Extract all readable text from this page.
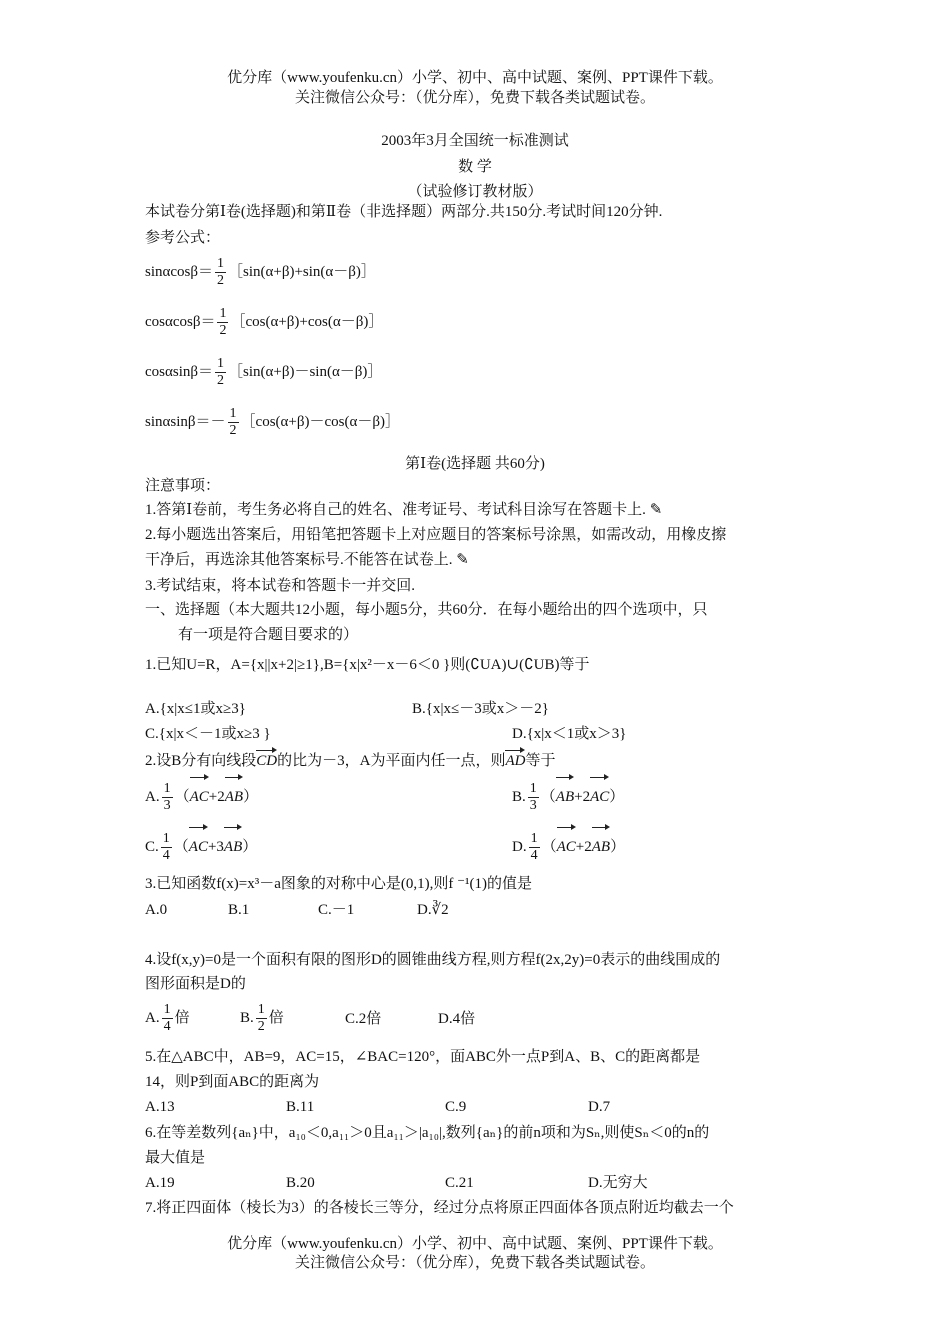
优分库（www.youfenku.cn）小学、初中、高中试题、案例、PPT课件下载。
关注微信公众号：（优分库），免费下载各类试题试卷。
2003年3月全国统一标准测试
数 学
（试验修订教材版）
本试卷分第Ⅰ卷(选择题)和第Ⅱ卷（非选择题）两部分.共150分.考试时间120分钟.
参考公式：
$\sin\alpha\cos\beta= \frac{1}{2}$ ［sin(α+β)+sin(α－β)］
$\cos\alpha\cos\beta= \frac{1}{2}$ ［cos(α+β)+cos(α－β)］
$\cos\alpha\sin\beta= \frac{1}{2}$ ［sin(α+β)－sin(α－β)］
$\sin\alpha\sin\beta=- \frac{1}{2}$ ［cos(α+β)－cos(α－β)］
第Ⅰ卷(选择题 共60分)
注意事项：
1.答第Ⅰ卷前，考生务必将自己的姓名、准考证号、考试科目涂写在答题卡上. ✎
2.每小题选出答案后，用铅笔把答题卡上对应题目的答案标号涂黑，如需改动，用橡皮擦
干净后，再选涂其他答案标号.不能答在试卷上. ✎
3.考试结束，将本试卷和答题卡一并交回.
一、选择题（本大题共12小题，每小题5分，共60分．在每小题给出的四个选项中，只
有一项是符合题目要求的）
1.已知U=R，A={x||x+2|≥1},B={x|x²－x－6＜0 }则(∁UA)∪(∁UB)等于
A.{x|x≤1或x≥3}	B.{x|x≤－3或x＞－2}
C.{x|x＜－1或x≥3 }	D.{x|x＜1或x＞3}
2.设B分有向线段CD的比为－3，A为平面内任一点，则AD等于
A. $\frac{1}{3} (AC+2AB)$	B. $\frac{1}{3} (AB+2AC)$
C. $\frac{1}{4} (AC+3AB)$	D. $\frac{1}{4} (AC+2AB)$
3.已知函数f(x)=x³－a图象的对称中心是(0,1),则f ⁻¹(1)的值是
A.0	B.1	C.－1	D.∛2
4.设f(x,y)=0是一个面积有限的图形D的圆锥曲线方程,则方程f(2x,2y)=0表示的曲线围成的
图形面积是D的
A. $\frac{1}{4}$ 倍	B. $\frac{1}{2}$ 倍	C.2倍	D.4倍
5.在△ABC中，AB=9，AC=15，∠BAC=120°，面ABC外一点P到A、B、C的距离都是
14，则P到面ABC的距离为
A.13	B.11	C.9	D.7
6.在等差数列{aₙ}中，a₁₀＜0,a₁₁＞0且a₁₁＞|a₁₀|,数列{aₙ}的前n项和为Sₙ,则使Sₙ＜0的n的
最大值是
A.19	B.20	C.21	D.无穷大
7.将正四面体（棱长为3）的各棱长三等分，经过分点将原正四面体各顶点附近均截去一个
优分库（www.youfenku.cn）小学、初中、高中试题、案例、PPT课件下载。
关注微信公众号：（优分库），免费下载各类试题试卷。
